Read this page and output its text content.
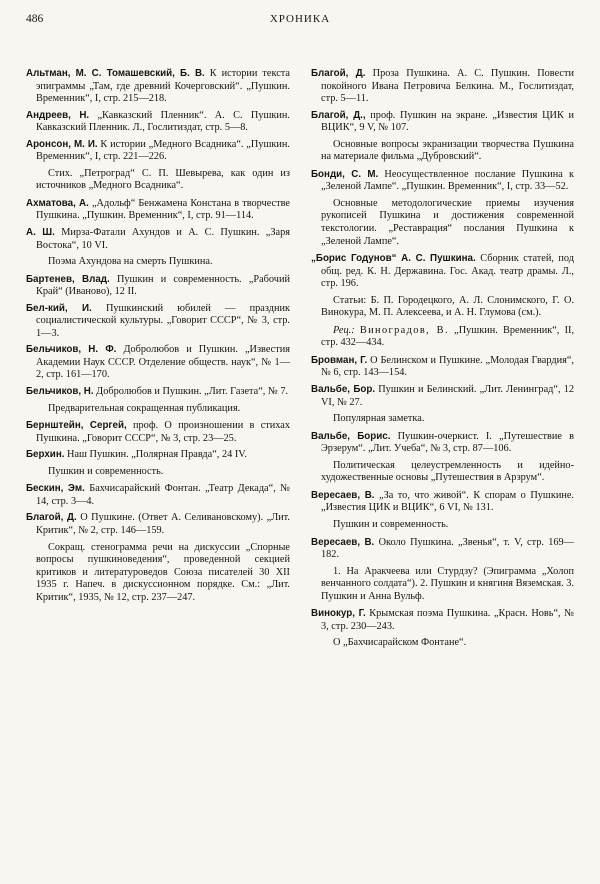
486	ХРОНИКА

Альтман, М. С. Томашевский, Б. В. К истории текста эпиграммы „Там, где древний Кочерговский“. „Пушкин. Временник“, I, стр. 215—218.

Андреев, Н. „Кавказский Пленник“. А. С. Пушкин. Кавказский Пленник. Л., Гослитиздат, стр. 5—8.

Аронсон, М. И. К истории „Медного Всадника“. „Пушкин. Временник“, I, стр. 221—226.

Стих. „Петроград“ С. П. Шевырева, как один из источников „Медного Всадника“.

Ахматова, А. „Адольф“ Бенжамена Констана в творчестве Пушкина. „Пушкин. Временник“, I, стр. 91—114.

А. Ш. Мирза-Фатали Ахундов и А. С. Пушкин. „Заря Востока“, 10 VI.

Поэма Ахундова на смерть Пушкина.

Бартенев, Влад. Пушкин и современность. „Рабочий Край“ (Иваново), 12 II.

Бел-кий, И. Пушкинский юбилей — праздник социалистической культуры. „Говорит СССР“, № 3, стр. 1—3.

Бельчиков, Н. Ф. Добролюбов и Пушкин. „Известия Академии Наук СССР. Отделение обществ. наук“, № 1—2, стр. 161—170.

Бельчиков, Н. Добролюбов и Пушкин. „Лит. Газета“, № 7.

Предварительная сокращенная публикация.

Бернштейн, Сергей, проф. О произношении в стихах Пушкина. „Говорит СССР“, № 3, стр. 23—25.

Берхин. Наш Пушкин. „Полярная Правда“, 24 IV.

Пушкин и современность.

Бескин, Эм. Бахчисарайский Фонтан. „Театр Декада“, № 14, стр. 3—4.

Благой, Д. О Пушкине. (Ответ А. Селивановскому). „Лит. Критик“, № 2, стр. 146—159.

Сокращ. стенограмма речи на дискуссии „Спорные вопросы пушкиноведения“, проведенной секцией критиков и литературоведов Союза писателей 30 XII 1935 г. Напеч. в дискуссионном порядке. См.: „Лит. Критик“, 1935, № 12, стр. 237—247.

Благой, Д. Проза Пушкина. А. С. Пушкин. Повести покойного Ивана Петровича Белкина. М., Гослитиздат, стр. 5—11.

Благой, Д., проф. Пушкин на экране. „Известия ЦИК и ВЦИК“, 9 V, № 107.

Основные вопросы экранизации творчества Пушкина на материале фильма „Дубровский“.

Бонди, С. М. Неосуществленное послание Пушкина к „Зеленой Лампе“. „Пушкин. Временник“, I, стр. 33—52.

Основные методологические приемы изучения рукописей Пушкина и достижения современной текстологии. „Реставрация“ послания Пушкина к „Зеленой Лампе“.

„Борис Годунов“ А. С. Пушкина. Сборник статей, под общ. ред. К. Н. Державина. Гос. Акад. театр драмы. Л., стр. 196.

Статьи: Б. П. Городецкого, А. Л. Слонимского, Г. О. Винокура, М. П. Алексеева, и А. Н. Глумова (см.).

Рец.: Виноградов, В. „Пушкин. Временник“, II, стр. 432—434.

Бровман, Г. О Белинском и Пушкине. „Молодая Гвардия“, № 6, стр. 143—154.

Вальбе, Бор. Пушкин и Белинский. „Лит. Ленинград“, 12 VI, № 27.

Популярная заметка.

Вальбе, Борис. Пушкин-очеркист. I. „Путешествие в Эрзерум“. „Лит. Учеба“, № 3, стр. 87—106.

Политическая целеустремленность и идейно-художественные основы „Путешествия в Арзрум“.

Вересаев, В. „За то, что живой“. К спорам о Пушкине. „Известия ЦИК и ВЦИК“, 6 VI, № 131.

Пушкин и современность.

Вересаев, В. Около Пушкина. „Звенья“, т. V, стр. 169—182.

1. На Аракчеева или Стурдзу? (Эпиграмма „Холоп венчанного солдата“). 2. Пушкин и княгиня Вяземская. 3. Пушкин и Анна Вульф.

Винокур, Г. Крымская поэма Пушкина. „Красн. Новь“, № 3, стр. 230—243.

О „Бахчисарайском Фонтане“.
